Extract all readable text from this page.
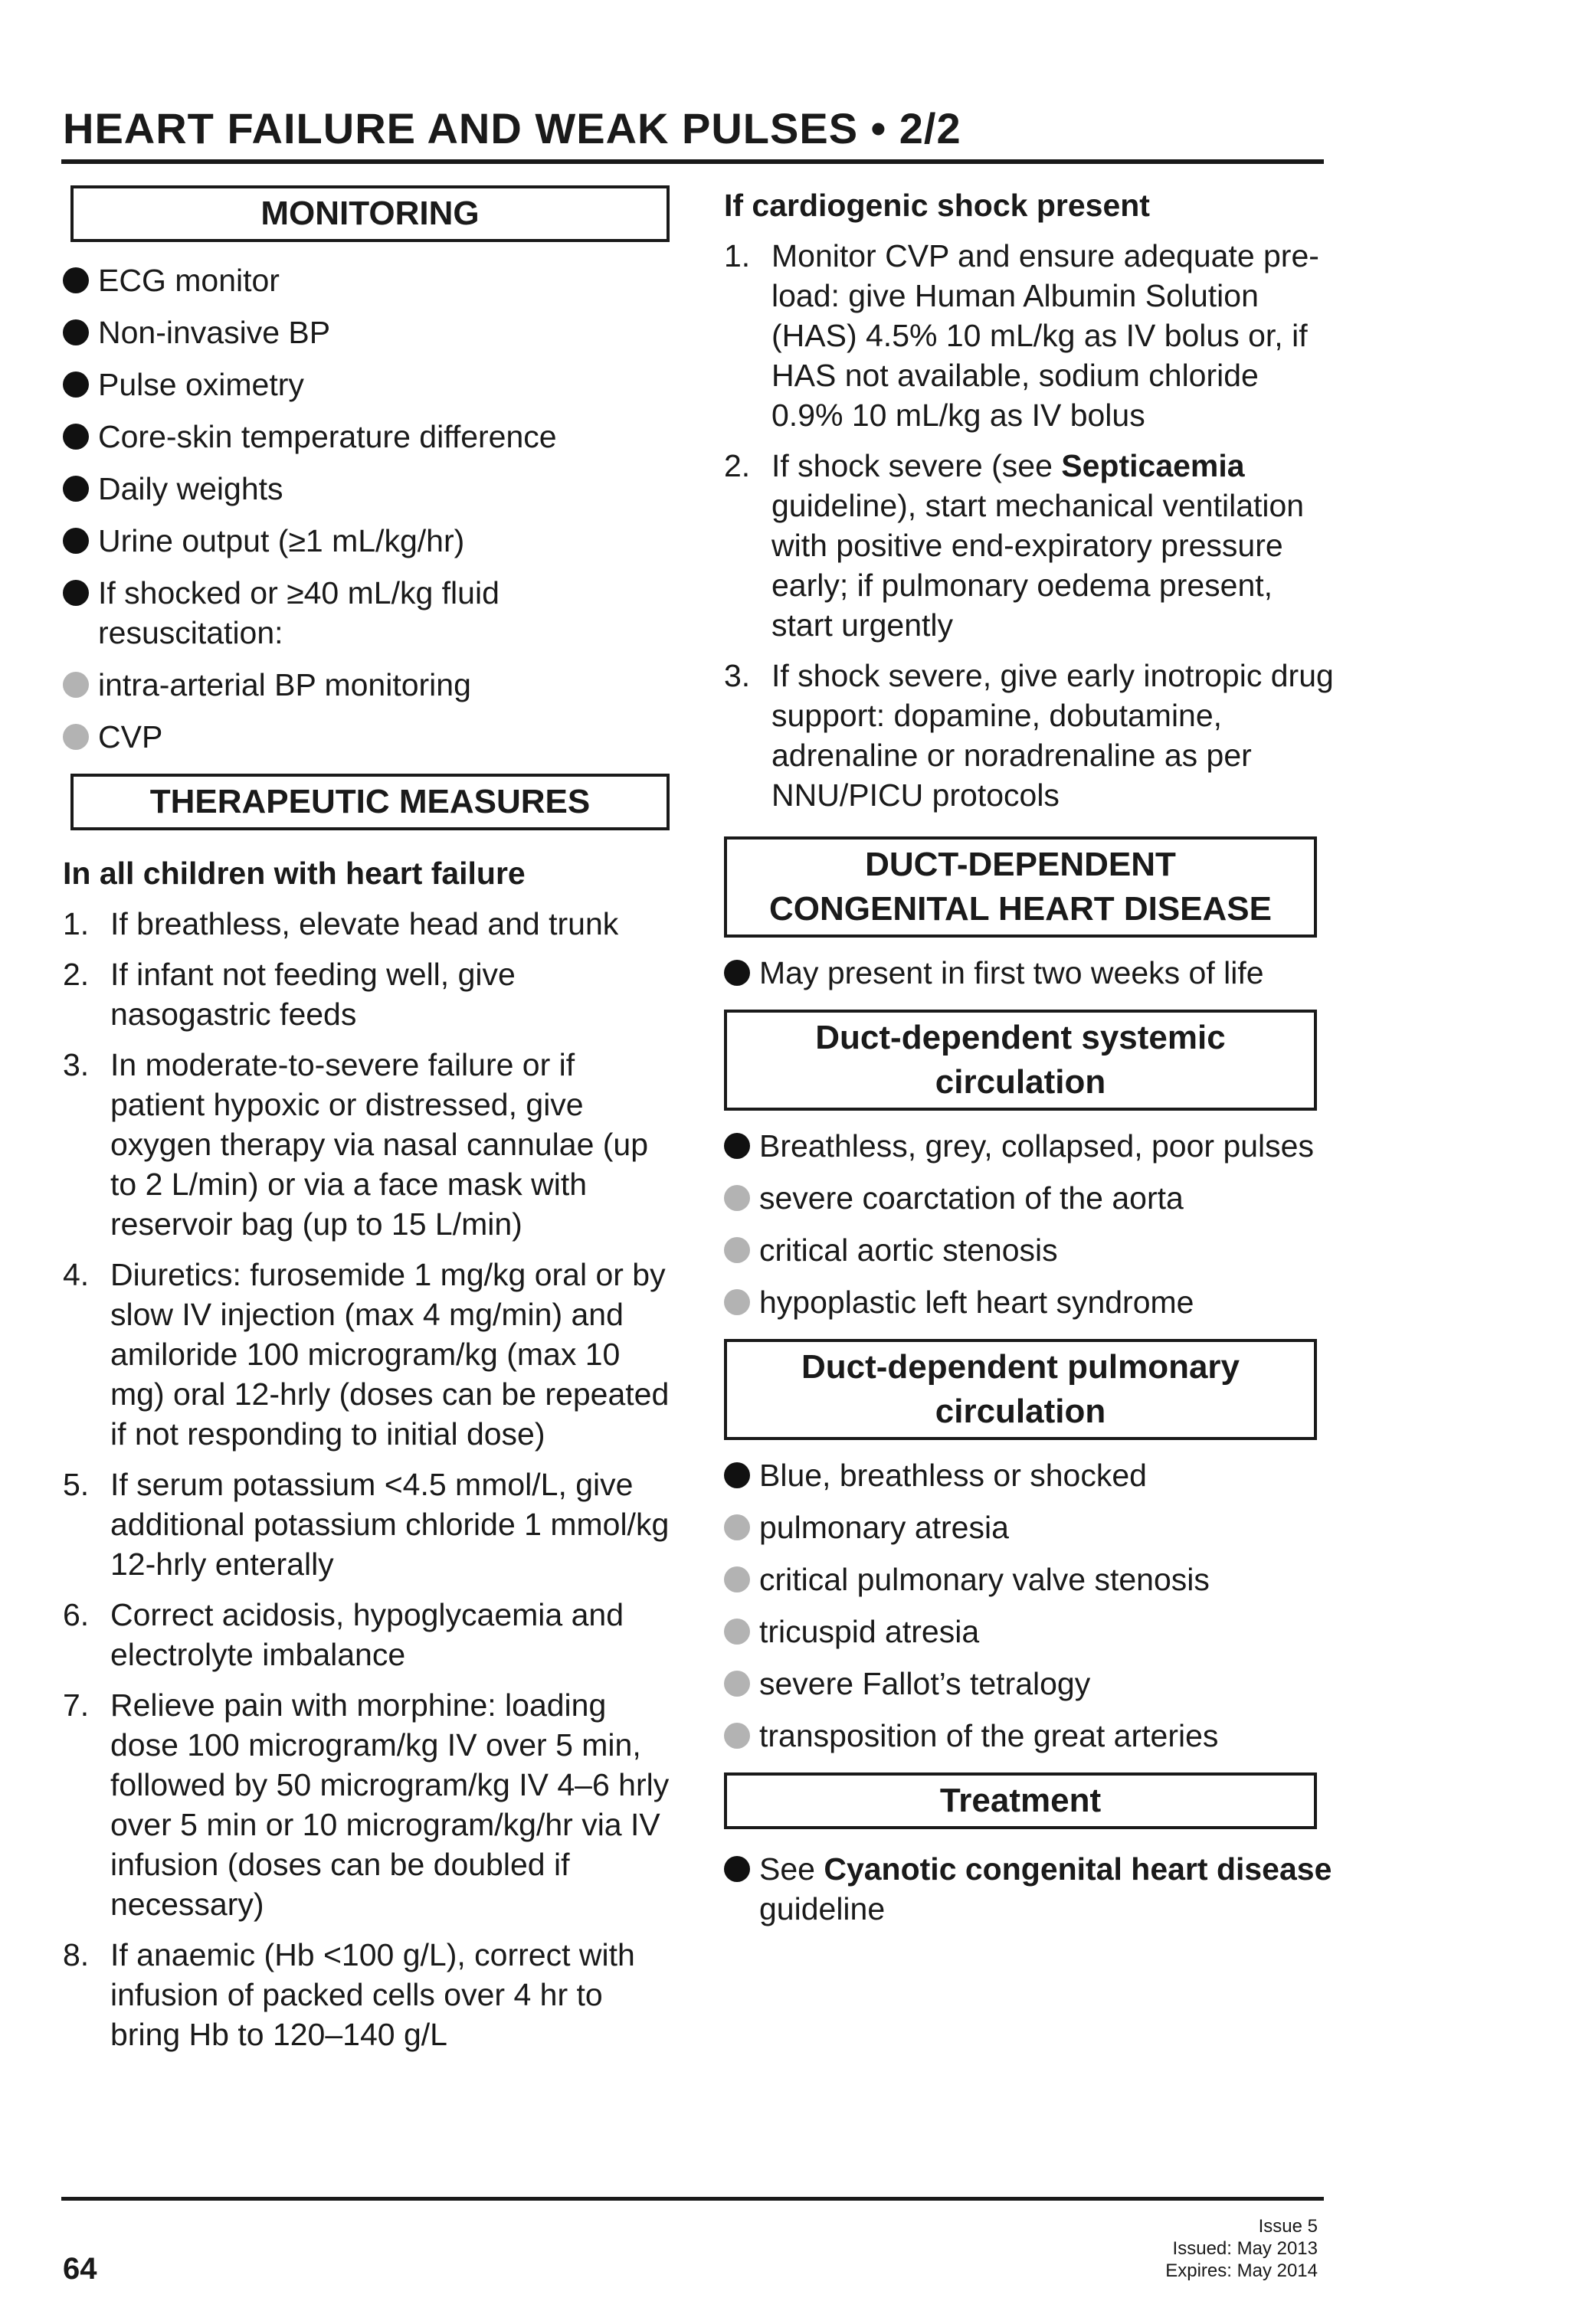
HEART FAILURE AND WEAK PULSES • 2/2
MONITORING

ECG monitor

Non-invasive BP

Pulse oximetry

Core-skin temperature difference

Daily weights

Urine output (≥1 mL/kg/hr)

If shocked or ≥40 mL/kg fluid resuscitation:

intra-arterial BP monitoring

CVP

THERAPEUTIC MEASURES

In all children with heart failure

1. If breathless, elevate head and trunk

2. If infant not feeding well, give nasogastric feeds

3. In moderate-to-severe failure or if patient hypoxic or distressed, give oxygen therapy via nasal cannulae (up to 2 L/min) or via a face mask with reservoir bag (up to 15 L/min)

4. Diuretics: furosemide 1 mg/kg oral or by slow IV injection (max 4 mg/min) and amiloride 100 microgram/kg (max 10 mg) oral 12-hrly (doses can be repeated if not responding to initial dose)

5. If serum potassium <4.5 mmol/L, give additional potassium chloride 1 mmol/kg 12-hrly enterally

6. Correct acidosis, hypoglycaemia and electrolyte imbalance

7. Relieve pain with morphine: loading dose 100 microgram/kg IV over 5 min, followed by 50 microgram/kg IV 4–6 hrly over 5 min or 10 microgram/kg/hr via IV infusion (doses can be doubled if necessary)

8. If anaemic (Hb <100 g/L), correct with infusion of packed cells over 4 hr to bring Hb to 120–140 g/L

If cardiogenic shock present

1. Monitor CVP and ensure adequate pre-load: give Human Albumin Solution (HAS) 4.5% 10 mL/kg as IV bolus or, if HAS not available, sodium chloride 0.9% 10 mL/kg as IV bolus

2. If shock severe (see Septicaemia guideline), start mechanical ventilation with positive end-expiratory pressure early; if pulmonary oedema present, start urgently

3. If shock severe, give early inotropic drug support: dopamine, dobutamine, adrenaline or noradrenaline as per NNU/PICU protocols

DUCT-DEPENDENT
CONGENITAL HEART DISEASE

May present in first two weeks of life

Duct-dependent systemic
circulation

Breathless, grey, collapsed, poor pulses

severe coarctation of the aorta

critical aortic stenosis

hypoplastic left heart syndrome

Duct-dependent pulmonary
circulation

Blue, breathless or shocked

pulmonary atresia

critical pulmonary valve stenosis

tricuspid atresia

severe Fallot’s tetralogy

transposition of the great arteries

Treatment

See Cyanotic congenital heart disease guideline

64
Issue 5
Issued: May 2013
Expires: May 2014
